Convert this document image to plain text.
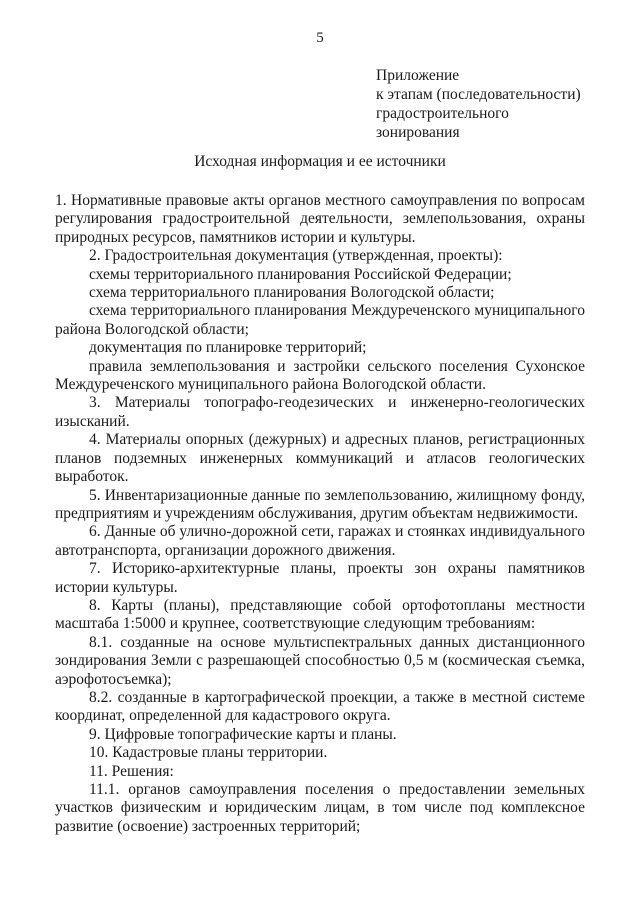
5
Приложение
к этапам (последовательности)
градостроительного
зонирования
Исходная информация и ее источники

1. Нормативные правовые акты органов местного самоуправления по вопросам регулирования градостроительной деятельности, землепользования, охраны природных ресурсов, памятников истории и культуры.

2. Градостроительная документация (утвержденная, проекты):

схемы территориального планирования Российской Федерации;

схема территориального планирования Вологодской области;

схема территориального планирования Междуреченского муниципального района Вологодской области;

документация по планировке территорий;

правила землепользования и застройки сельского поселения Сухонское Междуреченского муниципального района Вологодской области.

3. Материалы топографо-геодезических и инженерно-геологических изысканий.

4. Материалы опорных (дежурных) и адресных планов, регистрационных планов подземных инженерных коммуникаций и атласов геологических выработок.

5. Инвентаризационные данные по землепользованию, жилищному фонду, предприятиям и учреждениям обслуживания, другим объектам недвижимости.

6. Данные об улично-дорожной сети, гаражах и стоянках индивидуального автотранспорта, организации дорожного движения.

7. Историко-архитектурные планы, проекты зон охраны памятников истории культуры.

8. Карты (планы), представляющие собой ортофотопланы местности масштаба 1:5000 и крупнее, соответствующие следующим требованиям:

8.1. созданные на основе мультиспектральных данных дистанционного зондирования Земли с разрешающей способностью 0,5 м (космическая съемка, аэрофотосъемка);

8.2. созданные в картографической проекции, а также в местной системе координат, определенной для кадастрового округа.

9. Цифровые топографические карты и планы.

10. Кадастровые планы территории.

11. Решения:

11.1. органов самоуправления поселения о предоставлении земельных участков физическим и юридическим лицам, в том числе под комплексное развитие (освоение) застроенных территорий;
